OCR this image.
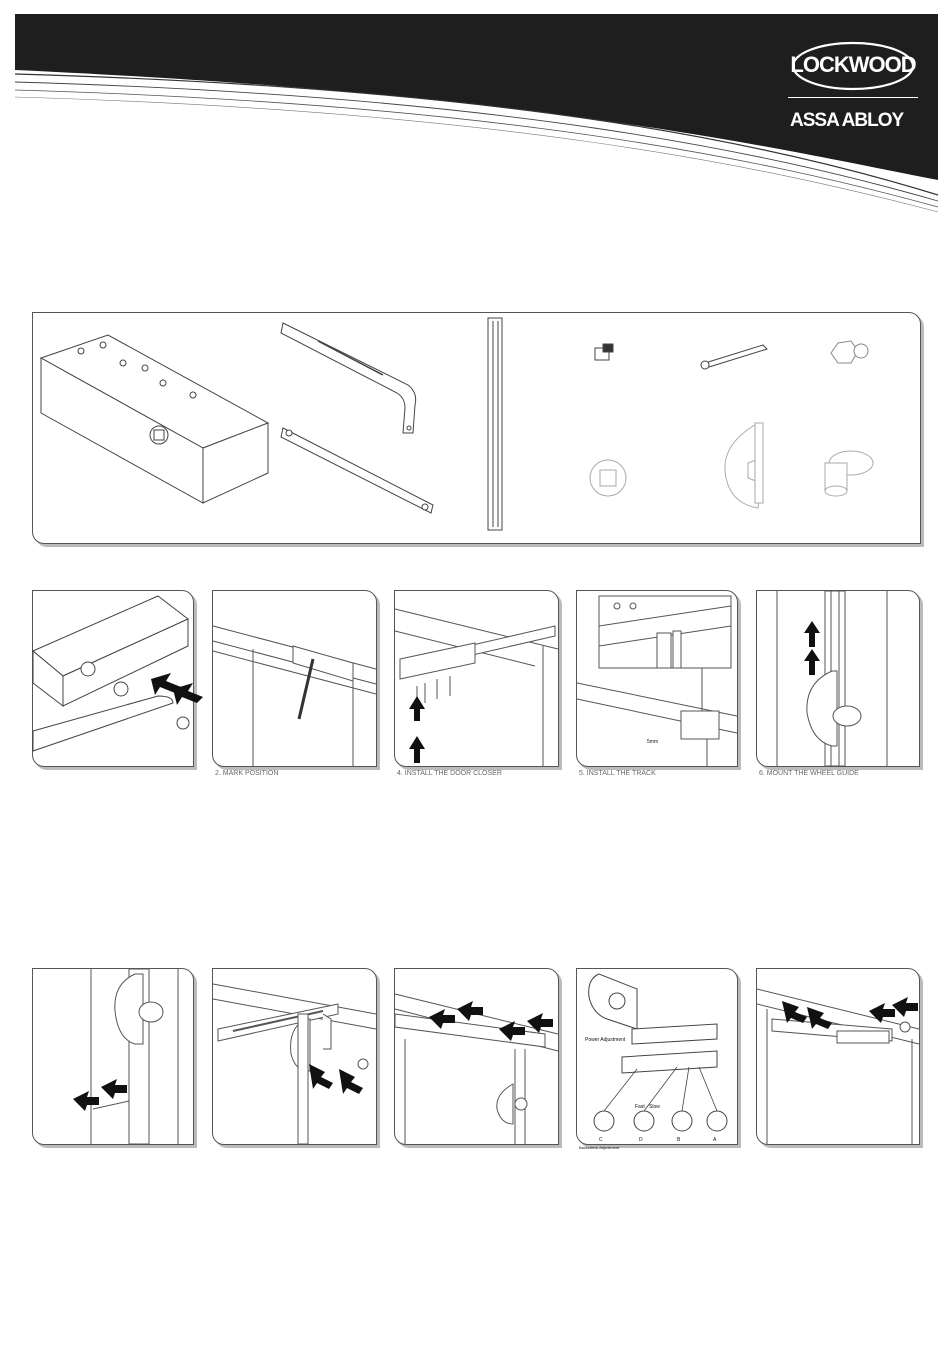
LOCKWOOD
ASSA ABLOY
5mm
2. MARK POSITION	4. INSTALL THE DOOR CLOSER	5. INSTALL THE TRACK	6. MOUNT THE WHEEL GUIDE
Power Adjustment
C	D	B	A
Fast Slow
Backcheck Adjustment
